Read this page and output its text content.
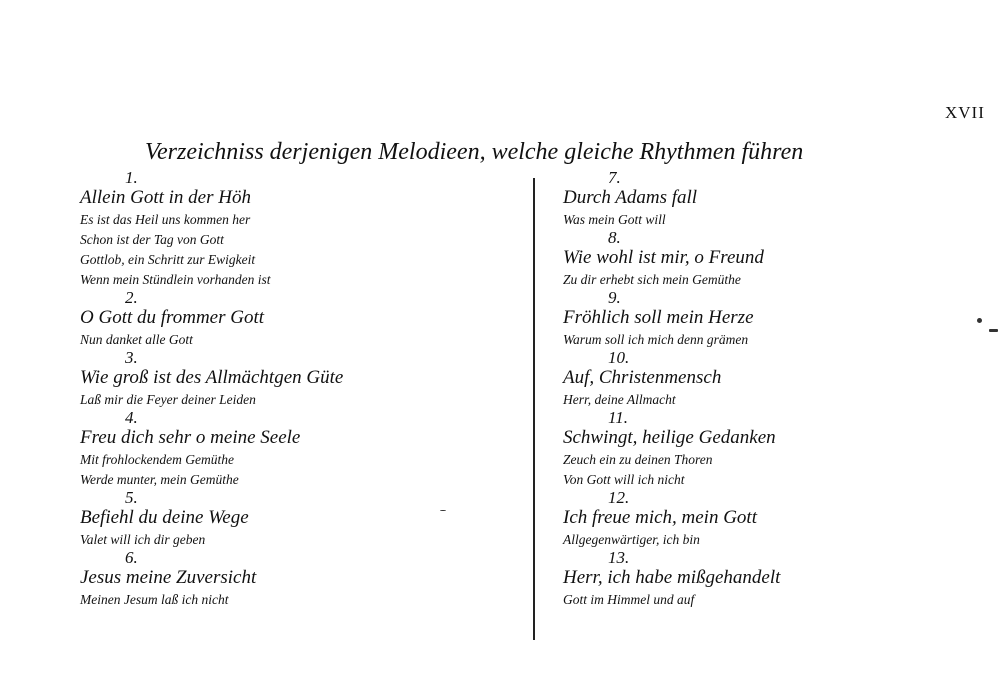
XVII
Verzeichniss derjenigen Melodieen, welche gleiche Rhythmen führen
1.
Allein Gott in der Höh
Es ist das Heil uns kommen her
Schon ist der Tag von Gott
Gottlob, ein Schritt zur Ewigkeit
Wenn mein Stündlein vorhanden ist
2.
O Gott du frommer Gott
Nun danket alle Gott
3.
Wie groß ist des Allmächtgen Güte
Laß mir die Feyer deiner Leiden
4.
Freu dich sehr o meine Seele
Mit frohlockendem Gemüthe
Werde munter, mein Gemüthe
5.
Befiehl du deine Wege
Valet will ich dir geben
6.
Jesus meine Zuversicht
Meinen Jesum laß ich nicht
7.
Durch Adams fall
Was mein Gott will
8.
Wie wohl ist mir, o Freund
Zu dir erhebt sich mein Gemüthe
9.
Fröhlich soll mein Herze
Warum soll ich mich denn grämen
10.
Auf, Christenmensch
Herr, deine Allmacht
11.
Schwingt, heilige Gedanken
Zeuch ein zu deinen Thoren
Von Gott will ich nicht
12.
Ich freue mich, mein Gott
Allgegenwärtiger, ich bin
13.
Herr, ich habe mißgehandelt
Gott im Himmel und auf
